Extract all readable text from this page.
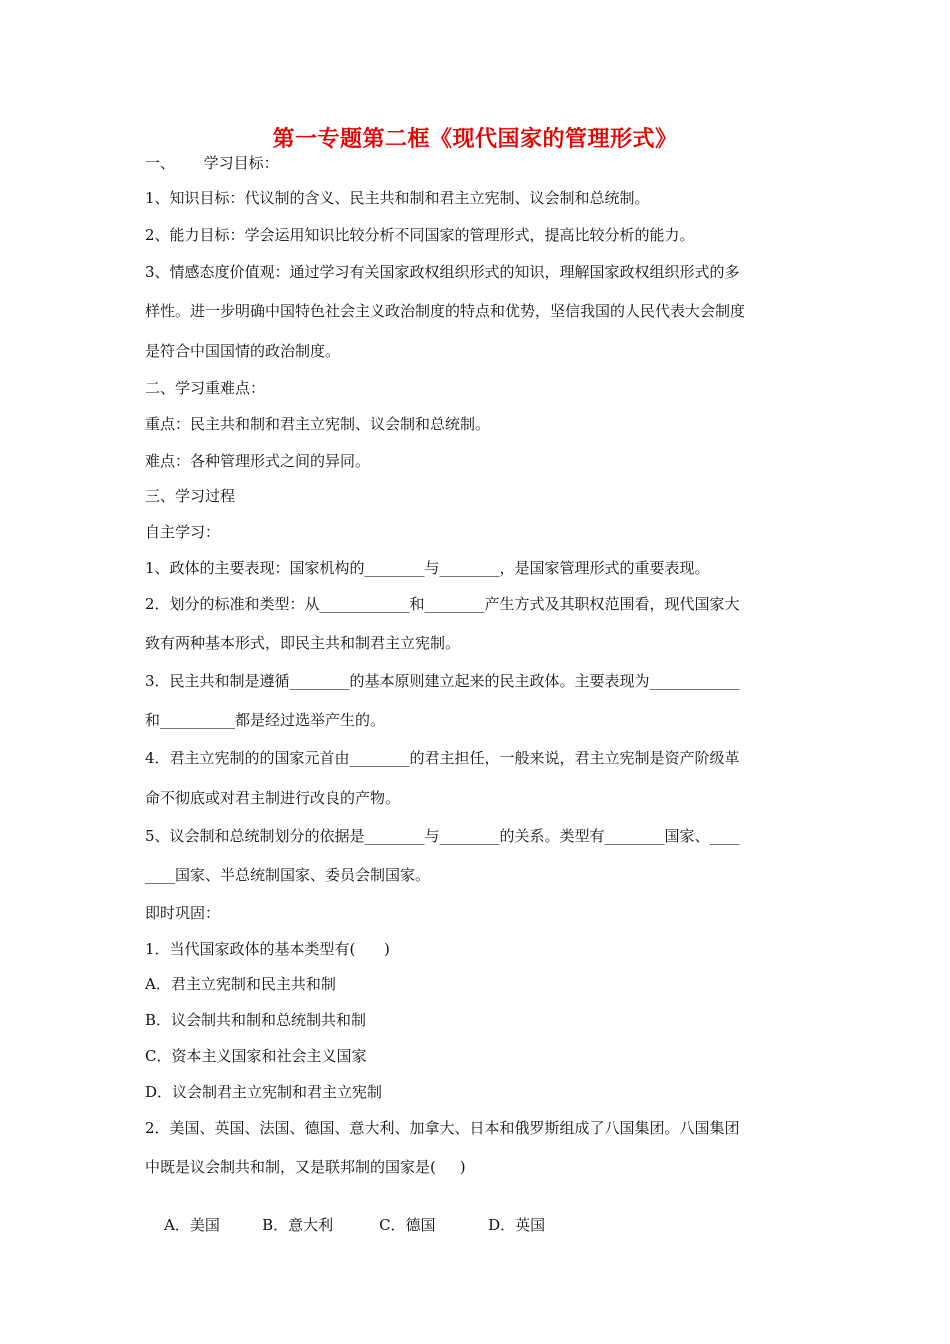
第一专题第二框《现代国家的管理形式》
一、      学习目标：
1、知识目标：代议制的含义、民主共和制和君主立宪制、议会制和总统制。
2、能力目标：学会运用知识比较分析不同国家的管理形式，提高比较分析的能力。
3、情感态度价值观：通过学习有关国家政权组织形式的知识，理解国家政权组织形式的多
样性。进一步明确中国特色社会主义政治制度的特点和优势，坚信我国的人民代表大会制度
是符合中国国情的政治制度。
二、学习重难点：
重点：民主共和制和君主立宪制、议会制和总统制。
难点：各种管理形式之间的异同。
三、学习过程
自主学习：
1、政体的主要表现：国家机构的________与________，是国家管理形式的重要表现。
2．划分的标准和类型：从____________和________产生方式及其职权范围看，现代国家大
致有两种基本形式，即民主共和制君主立宪制。
3．民主共和制是遵循________的基本原则建立起来的民主政体。主要表现为____________
和__________都是经过选举产生的。
4．君主立宪制的的国家元首由________的君主担任，一般来说，君主立宪制是资产阶级革
命不彻底或对君主制进行改良的产物。
5、议会制和总统制划分的依据是________与________的关系。类型有________国家、____
____国家、半总统制国家、委员会制国家。
即时巩固：
1．当代国家政体的基本类型有(      )
A．君主立宪制和民主共和制
B．议会制共和制和总统制共和制
C．资本主义国家和社会主义国家
D．议会制君主立宪制和君主立宪制
2．美国、英国、法国、德国、意大利、加拿大、日本和俄罗斯组成了八国集团。八国集团
中既是议会制共和制，又是联邦制的国家是(     )

A．美国	B．意大利	C．德国	D．英国
